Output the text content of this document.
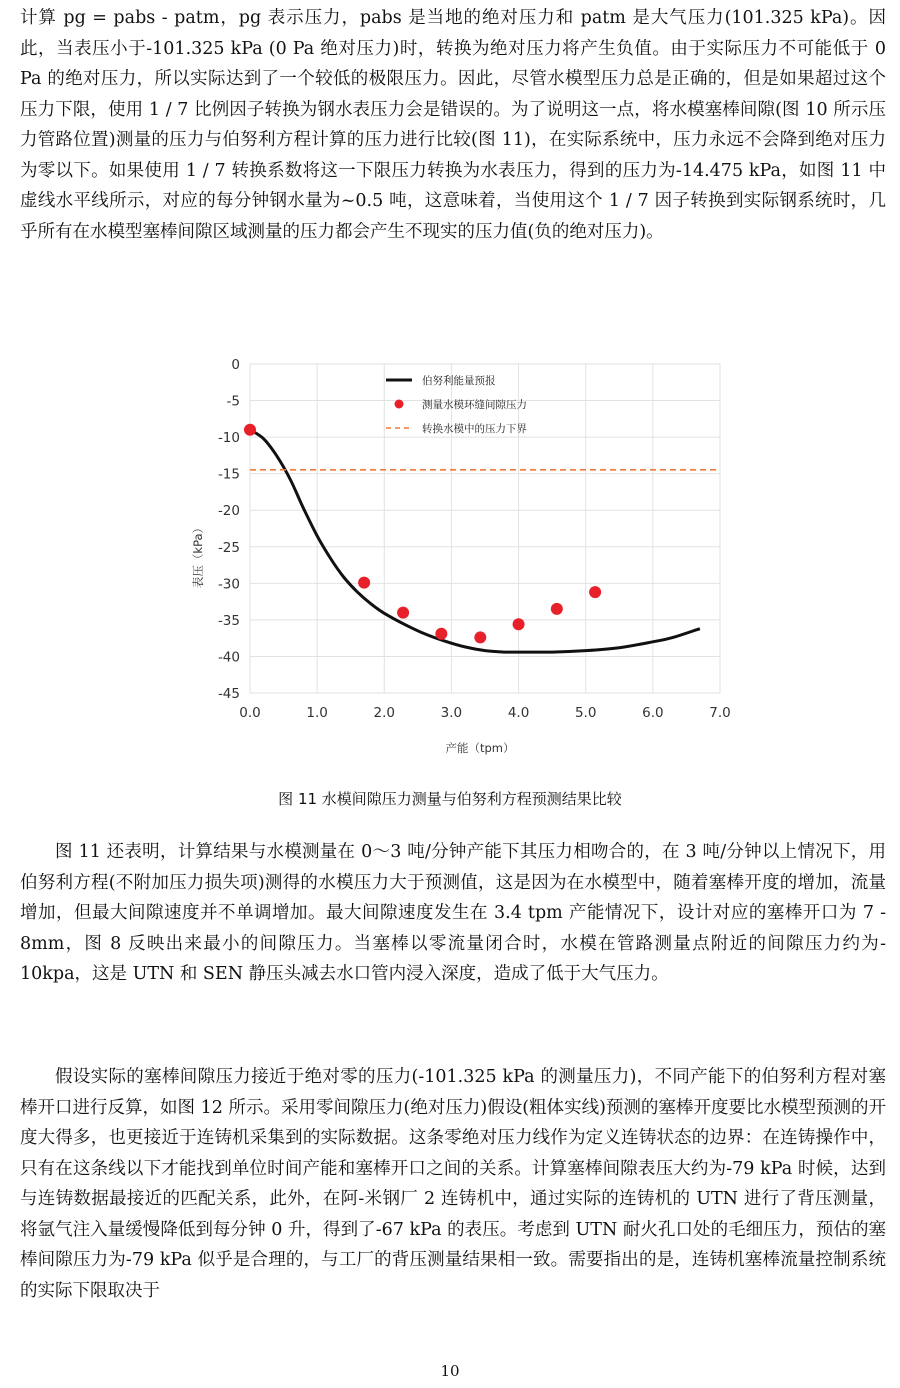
计算 pg = pabs - patm，pg 表示压力，pabs 是当地的绝对压力和 patm 是大气压力(101.325 kPa)。因此，当表压小于-101.325 kPa (0 Pa 绝对压力)时，转换为绝对压力将产生负值。由于实际压力不可能低于 0 Pa 的绝对压力，所以实际达到了一个较低的极限压力。因此，尽管水模型压力总是正确的，但是如果超过这个压力下限，使用 1 / 7 比例因子转换为钢水表压力会是错误的。为了说明这一点，将水模塞棒间隙(图 10 所示压力管路位置)测量的压力与伯努利方程计算的压力进行比较(图 11)，在实际系统中，压力永远不会降到绝对压力为零以下。如果使用 1 / 7 转换系数将这一下限压力转换为水表压力，得到的压力为-14.475 kPa，如图 11 中虚线水平线所示，对应的每分钟钢水量为~0.5 吨，这意味着，当使用这个 1 / 7 因子转换到实际钢系统时，几乎所有在水模型塞棒间隙区域测量的压力都会产生不现实的压力值(负的绝对压力)。

0.0	1.0	2.0	3.0	4.0	5.0	6.0	7.0
0
-5
-10
-15
-20
-25
-30
-35
-40
-45
伯努利能量预报
测量水模环缝间隙压力
转换水模中的压力下界
表压（kPa）
产能（tpm）
图 11 水模间隙压力测量与伯努利方程预测结果比较

图 11 还表明，计算结果与水模测量在 0～3 吨/分钟产能下其压力相吻合的，在 3 吨/分钟以上情况下，用伯努利方程(不附加压力损失项)测得的水模压力大于预测值，这是因为在水模型中，随着塞棒开度的增加，流量增加，但最大间隙速度并不单调增加。最大间隙速度发生在 3.4 tpm 产能情况下，设计对应的塞棒开口为 7 - 8mm，图 8 反映出来最小的间隙压力。当塞棒以零流量闭合时，水模在管路测量点附近的间隙压力约为- 10kpa，这是 UTN 和 SEN 静压头减去水口管内浸入深度，造成了低于大气压力。

假设实际的塞棒间隙压力接近于绝对零的压力(-101.325 kPa 的测量压力)，不同产能下的伯努利方程对塞棒开口进行反算，如图 12 所示。采用零间隙压力(绝对压力)假设(粗体实线)预测的塞棒开度要比水模型预测的开度大得多，也更接近于连铸机采集到的实际数据。这条零绝对压力线作为定义连铸状态的边界：在连铸操作中，只有在这条线以下才能找到单位时间产能和塞棒开口之间的关系。计算塞棒间隙表压大约为-79 kPa 时候，达到与连铸数据最接近的匹配关系，此外，在阿-米钢厂 2 连铸机中，通过实际的连铸机的 UTN 进行了背压测量，将氩气注入量缓慢降低到每分钟 0 升，得到了-67 kPa 的表压。考虑到 UTN 耐火孔口处的毛细压力，预估的塞棒间隙压力为-79 kPa 似乎是合理的，与工厂的背压测量结果相一致。需要指出的是，连铸机塞棒流量控制系统的实际下限取决于

10
